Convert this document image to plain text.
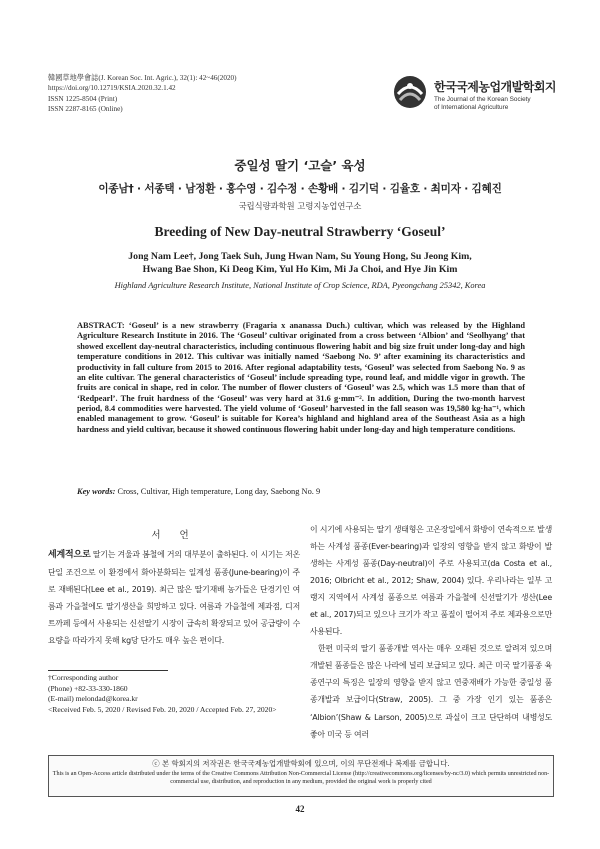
韓國草地學會誌(J. Korean Soc. Int. Agric.), 32(1): 42~46(2020)
https://doi.org/10.12719/KSIA.2020.32.1.42
ISSN 1225-8504 (Print)
ISSN 2287-8165 (Online)
한국국제농업개발학회지
The Journal of the Korean Society
of International Agriculture
중일성 딸기 ‘고슬’ 육성
이종남† · 서종택 · 남정환 · 홍수영 · 김수정 · 손황배 · 김기덕 · 김율호 · 최미자 · 김혜진
국립식량과학원 고령지농업연구소
Breeding of New Day-neutral Strawberry ‘Goseul’
Jong Nam Lee†, Jong Taek Suh, Jung Hwan Nam, Su Young Hong, Su Jeong Kim,
Hwang Bae Shon, Ki Deog Kim, Yul Ho Kim, Mi Ja Choi, and Hye Jin Kim
Highland Agriculture Research Institute, National Institute of Crop Science, RDA, Pyeongchang 25342, Korea
ABSTRACT: ‘Goseul’ is a new strawberry (Fragaria x ananassa Duch.) cultivar, which was released by the Highland Agriculture Research Institute in 2016. The ‘Goseul’ cultivar originated from a cross between ‘Albion’ and ‘Seolhyang’ that showed excellent day-neutral characteristics, including continuous flowering habit and big size fruit under long-day and high temperature conditions in 2012. This cultivar was initially named ‘Saebong No. 9’ after examining its characteristics and productivity in fall culture from 2015 to 2016. After regional adaptability tests, ‘Goseul’ was selected from Saebong No. 9 as an elite cultivar. The general characteristics of ‘Goseul’ include spreading type, round leaf, and middle vigor in growth. The fruits are conical in shape, red in color. The number of flower clusters of ‘Goseul’ was 2.5, which was 1.5 more than that of ‘Redpearl’. The fruit hardness of the ‘Goseul’ was very hard at 31.6 g·mm⁻². In addition, During the two-month harvest period, 8.4 commodities were harvested. The yield volume of ‘Goseul’ harvested in the fall season was 19,580 kg·ha⁻¹, which enabled management to grow. ‘Goseul’ is suitable for Korea’s highland and highland area of the Southeast Asia as a high hardness and yield cultivar, because it showed continuous flowering habit under long-day and high temperature conditions.
Key words: Cross, Cultivar, High temperature, Long day, Saebong No. 9
서 언
세계적으로 딸기는 겨울과 봄철에 거의 대부분이 출하된다. 이 시기는 저온단일 조건으로 이 환경에서 화아분화되는 일계성 품종(June-bearing)이 주로 재배된다(Lee et al., 2019). 최근 많은 딸기재배 농가들은 단경기인 여름과 가을철에도 딸기생산을 희망하고 있다. 여름과 가을철에 제과점, 디저트까페 등에서 사용되는 신선딸기 시장이 급속히 확장되고 있어 공급량이 수요량을 따라가지 못해 kg당 단가도 매우 높은 편이다.
이 시기에 사용되는 딸기 생태형은 고온장일에서 화방이 연속적으로 발생하는 사계성 품종(Ever-bearing)과 일장의 영향을 받지 않고 화방이 발생하는 사계성 품종(Day-neutral)이 주로 사용되고(da Costa et al., 2016; Olbricht et al., 2012; Shaw, 2004) 있다. 우리나라는 일부 고랭지 지역에서 사계성 품종으로 여름과 가을철에 신선딸기가 생산(Lee et al., 2017)되고 있으나 크기가 작고 품질이 떨어져 주로 제과용으로만 사용된다.
한편 미국의 딸기 품종개발 역사는 매우 오래된 것으로 알려져 있으며 개발된 품종들은 많은 나라에 널리 보급되고 있다. 최근 미국 딸기품종 육종연구의 특징은 일장의 영향을 받지 않고 연중재배가 가능한 중일성 품종개발과 보급이다(Straw, 2005). 그 중 가장 인기 있는 품종은 ‘Albion’(Shaw & Larson, 2005)으로 과실이 크고 단단하며 내병성도 좋아 미국 등 여러
†Corresponding author
(Phone) +82-33-330-1860
(E-mail) melondad@korea.kr
<Received Feb. 5, 2020 / Revised Feb. 20, 2020 / Accepted Feb. 27, 2020>
ⓒ 본 학회지의 저작권은 한국국제농업개발학회에 있으며, 이의 무단전재나 복제를 금합니다.
This is an Open-Access article distributed under the terms of the Creative Commons Attribution Non-Commercial License (http://creativecommons.org/licenses/by-nc/3.0) which permits unrestricted non-commercial use, distribution, and reproduction in any medium, provided the original work is properly cited
42
